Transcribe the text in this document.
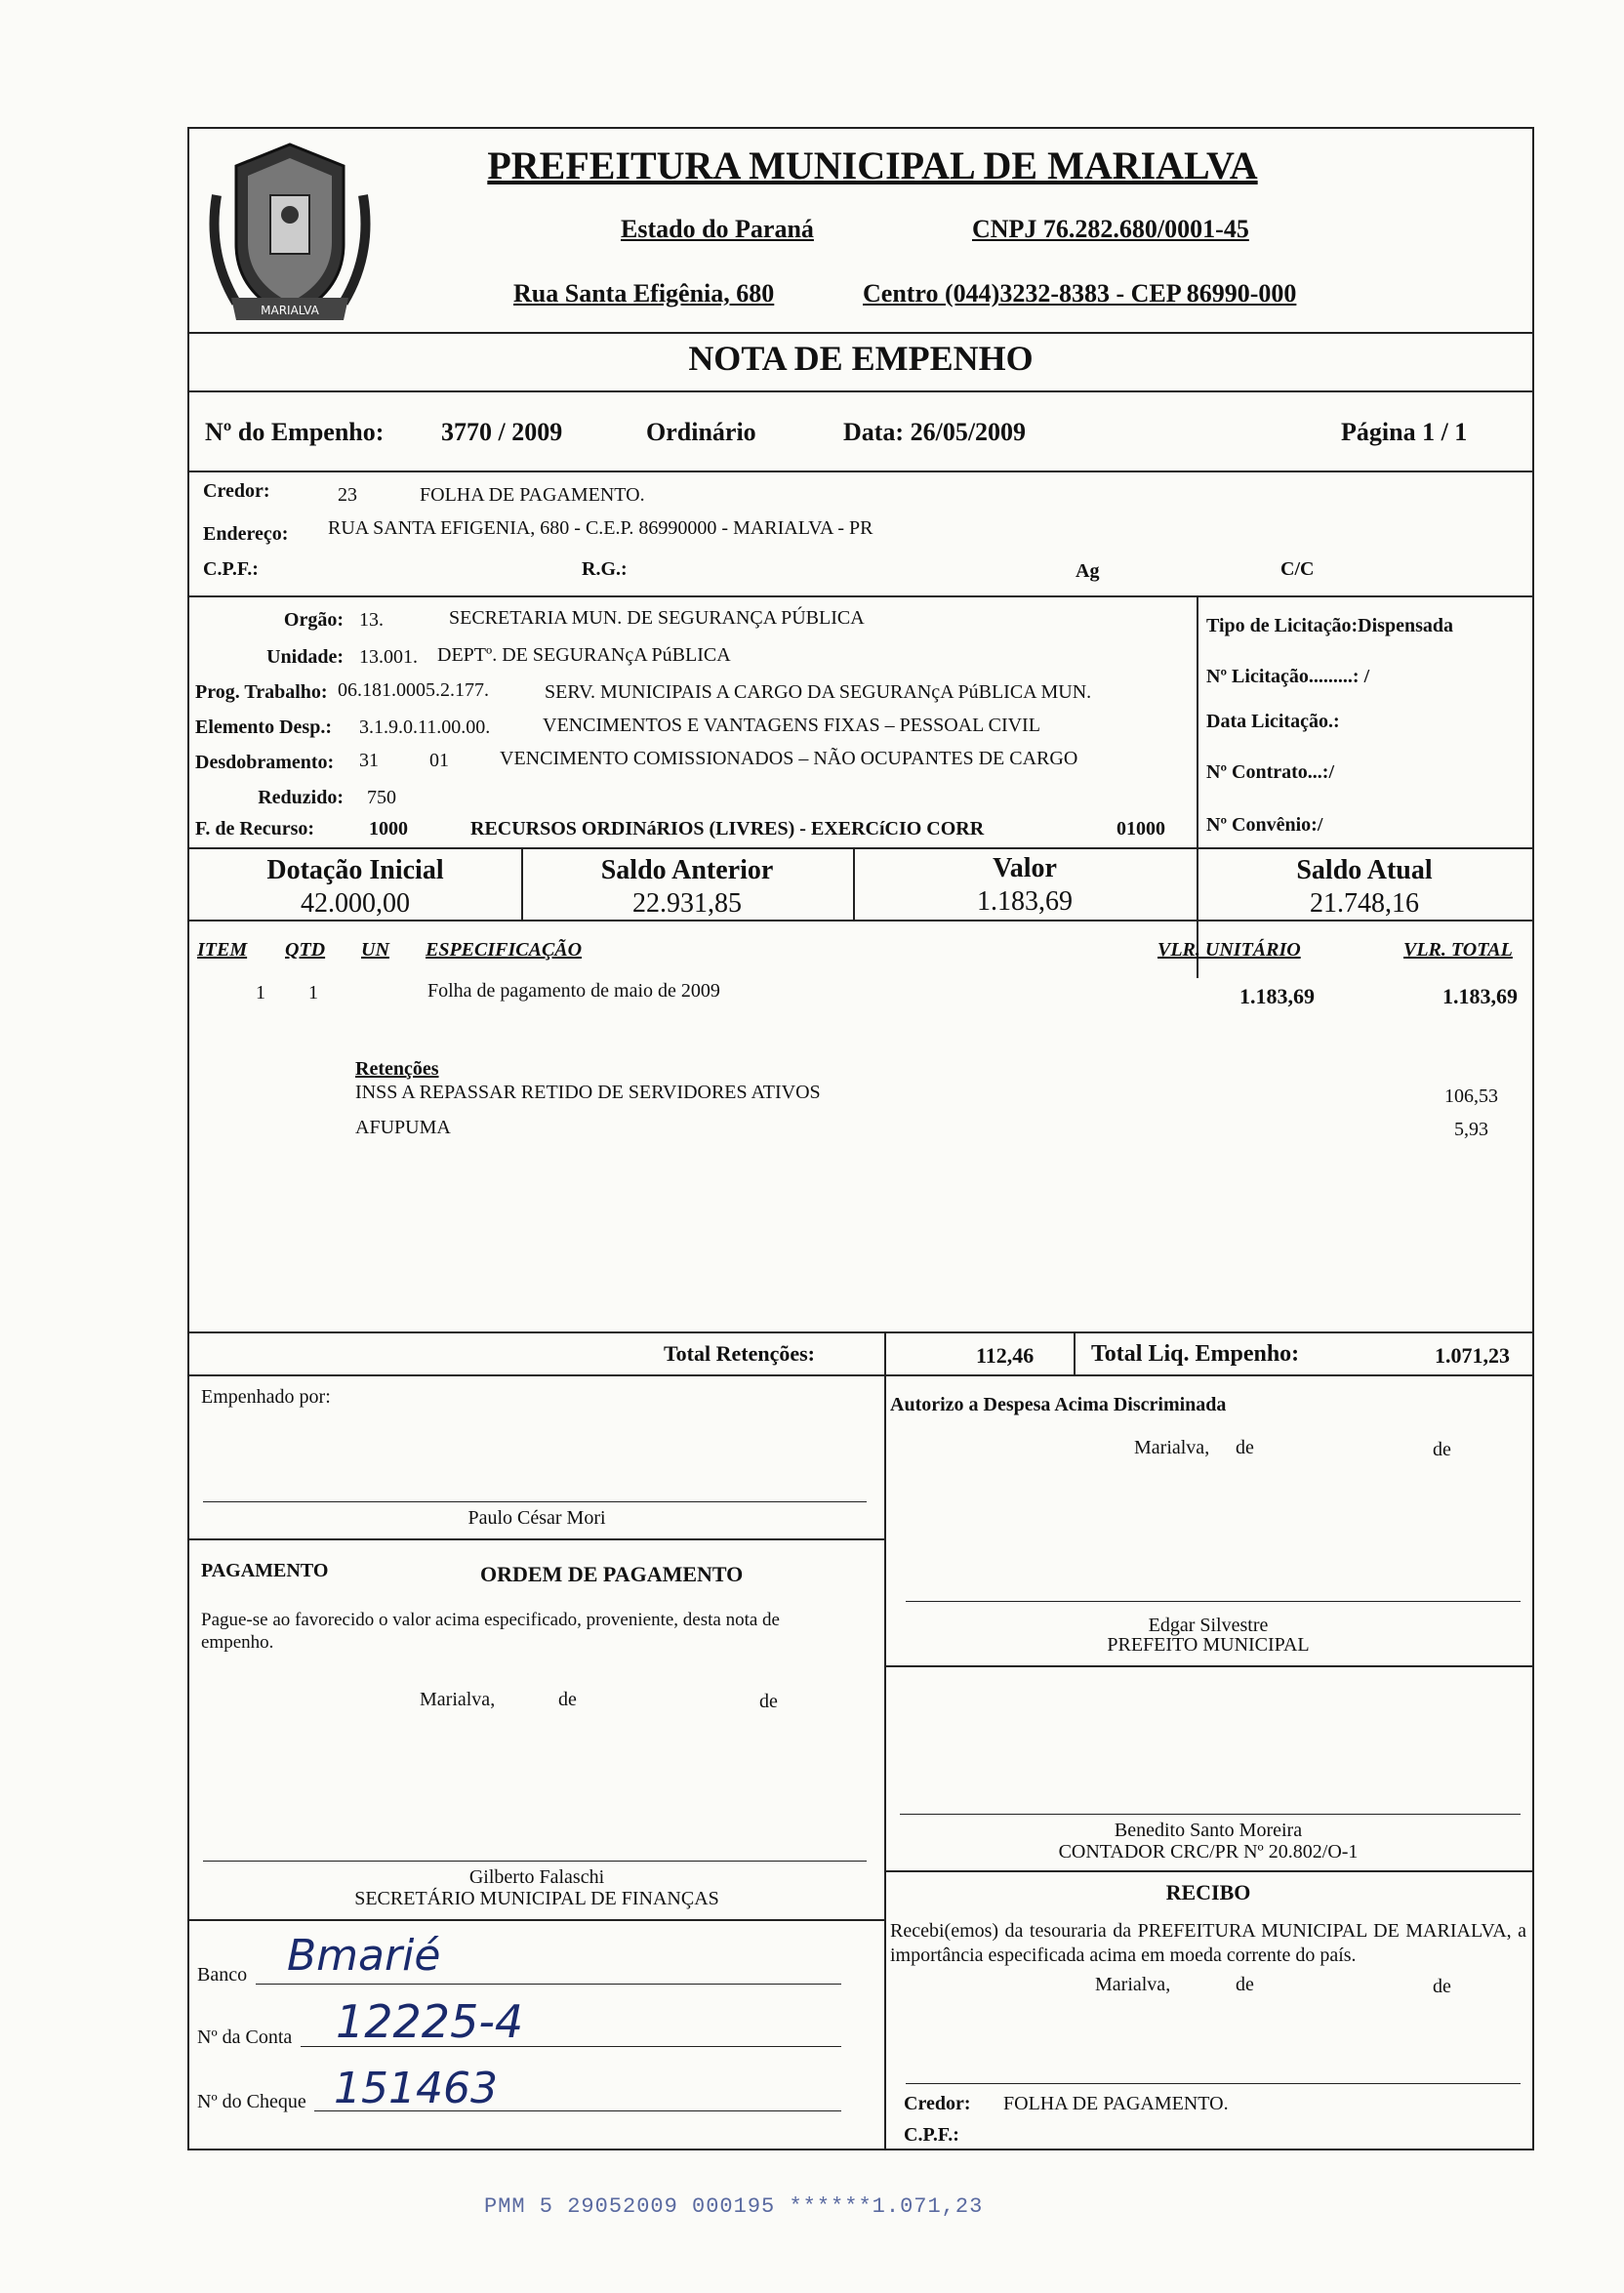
MARIALVA
PREFEITURA MUNICIPAL DE MARIALVA
Estado do Paraná	CNPJ 76.282.680/0001-45
Rua Santa Efigênia, 680	Centro (044)3232-8383 - CEP 86990-000
NOTA DE EMPENHO
Nº do Empenho: 3770 / 2009	Ordinário	Data: 26/05/2009	Página 1 / 1
Credor:	23	FOLHA DE PAGAMENTO.
Endereço: RUA SANTA EFIGENIA, 680 - C.E.P. 86990000 - MARIALVA - PR
C.P.F.:	R.G.:	Ag	C/C
Orgão: 13.	SECRETARIA MUN. DE SEGURANÇA PÚBLICA
Unidade: 13.001. DEPTº. DE SEGURANçA PúBLICA
Prog. Trabalho: 06.181.0005.2.177.	SERV. MUNICIPAIS A CARGO DA SEGURANçA PúBLICA MUN.
Elemento Desp.: 3.1.9.0.11.00.00.	VENCIMENTOS E VANTAGENS FIXAS – PESSOAL CIVIL
Desdobramento: 31	01	VENCIMENTO COMISSIONADOS – NÃO OCUPANTES DE CARGO
Reduzido: 750
F. de Recurso:	1000	RECURSOS ORDINáRIOS (LIVRES) - EXERCíCIO CORR	01000
Tipo de Licitação:Dispensada
Nº Licitação.........: /
Data Licitação.:
Nº Contrato...:/
Nº Convênio:/
Dotação Inicial
42.000,00
Saldo Anterior
22.931,85
Valor
1.183,69
Saldo Atual
21.748,16
ITEM QTD UN ESPECIFICAÇÃO	VLR. UNITÁRIO	VLR. TOTAL
1 1	Folha de pagamento de maio de 2009	1.183,69	1.183,69
Retenções
INSS A REPASSAR RETIDO DE SERVIDORES ATIVOS	106,53
AFUPUMA	5,93
Total Retenções:	112,46 Total Liq. Empenho:	1.071,23
Empenhado por:
Paulo César Mori
Autorizo a Despesa Acima Discriminada
Marialva, de	de
Edgar Silvestre
PREFEITO MUNICIPAL
PAGAMENTO	ORDEM DE PAGAMENTO
Pague-se ao favorecido o valor acima especificado, proveniente, desta nota de empenho.
Marialva,	de	de
Benedito Santo Moreira
CONTADOR CRC/PR Nº 20.802/O-1
Gilberto Falaschi
SECRETÁRIO MUNICIPAL DE FINANÇAS	RECIBO
Recebi(emos) da tesouraria da PREFEITURA MUNICIPAL DE MARIALVA, a importância especificada acima em moeda corrente do país.
Marialva,	de	de
Credor: FOLHA DE PAGAMENTO.
C.P.F.:
Banco Bmarié
Nº da Conta 12225-4
Nº do Cheque 151463
PMM 5 29052009 000195 ******1.071,23
